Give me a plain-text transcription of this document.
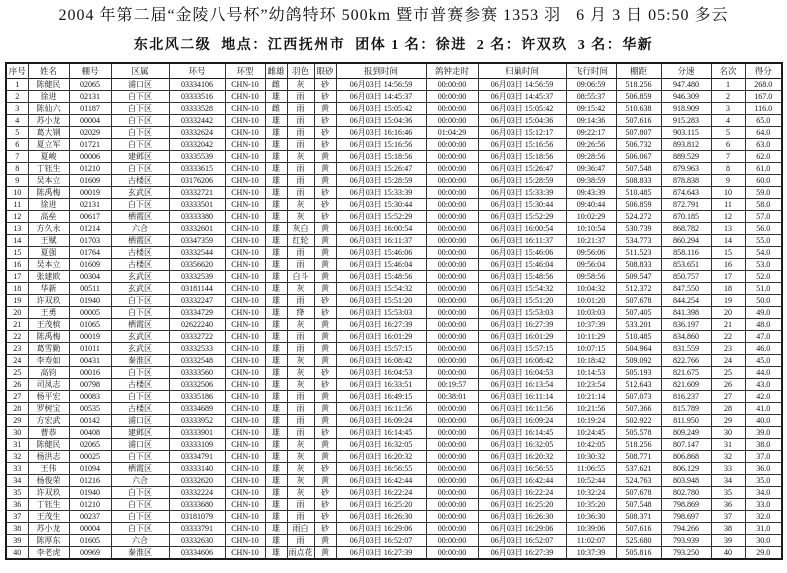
2004 年第二届“金陵八号杯”幼鸽特环 500km 暨市普赛参赛 1353 羽   6 月 3 日 05:50 多云
东北风二级  地点：江西抚州市  团体 1 名：徐进  2 名：许双玖  3 名：华新
序号	姓名	棚号	区属	环号	环型	雌雄	羽色	眼砂	报到时间	鸽钟走时	归巢时间	飞行时间	棚距	分速	名次	得分
1	陈健民	02065	浦口区	03334106	CHN-10	雌	灰	砂	06月03日 14:56:59	00:00:00	06月03日 14:56:59	09:06:59	518.256	947.480	1	268.0
2	徐进	02131	白下区	03333516	CHN-10	雄	雨	砂	06月03日 14:45:37	00:00:00	06月03日 14:45:37	08:55:37	506.859	946.309	2	167.0
3	陈仙六	01187	白下区	03333528	CHN-10	雌	雨	黄	06月03日 15:05:42	00:00:00	06月03日 15:05:42	09:15:42	510.638	918.909	3	116.0
4	苏小龙	00004	白下区	03332442	CHN-10	雄	雨	砂	06月03日 15:04:36	00:00:00	06月03日 15:04:36	09:14:36	507.616	915.283	4	65.0
5	葛大钢	02029	白下区	03332624	CHN-10	雄	雨	砂	06月03日 16:16:46	01:04:29	06月03日 15:12:17	09:22:17	507.807	903.115	5	64.0
6	夏立军	01721	白下区	03332042	CHN-10	雄	雨	砂	06月03日 15:16:56	00:00:00	06月03日 15:16:56	09:26:56	506.732	893.812	6	63.0
7	夏峻	00006	建邺区	03335539	CHN-10	雄	灰	黄	06月03日 15:18:56	00:00:00	06月03日 15:18:56	09:28:56	506.067	889.529	7	62.0
8	丁钰生	01210	白下区	03333615	CHN-10	雄	雨	黄	06月03日 15:26:47	00:00:00	06月03日 15:26:47	09:36:47	507.548	879.963	8	61.0
9	吴本立	01609	古楼区	03176206	CHN-10	雄	雨	黄	06月03日 15:28:59	00:00:00	06月03日 15:28:59	09:38:59	508.833	878.838	9	60.0
10	陈禹梅	00019	玄武区	03332721	CHN-10	雄	雨	砂	06月03日 15:33:39	00:00:00	06月03日 15:33:39	09:43:39	510.485	874.643	10	59.0
11	徐进	02131	白下区	03333501	CHN-10	雄	灰	砂	06月03日 15:30:44	00:00:00	06月03日 15:30:44	09:40:44	506.859	872.791	11	58.0
12	高垒	00617	栖霞区	03333380	CHN-10	雄	灰	砂	06月03日 15:52:29	00:00:00	06月03日 15:52:29	10:02:29	524.272	870.185	12	57.0
13	方久永	01214	六合	03332601	CHN-10	雄	灰白	黄	06月03日 16:00:54	00:00:00	06月03日 16:00:54	10:10:54	530.739	868.782	13	56.0
14	王赋	01703	栖霞区	03347359	CHN-10	雄	红轮	黄	06月03日 16:11:37	00:00:00	06月03日 16:11:37	10:21:37	534.773	860.294	14	55.0
15	夏强	01764	古楼区	03332544	CHN-10	雄	雨	黄	06月03日 15:46:06	00:00:00	06月03日 15:46:06	09:56:06	511.523	858.116	15	54.0
16	吴本立	01609	古楼区	03356620	CHN-10	雄	雨	黄	06月03日 15:46:04	00:00:00	06月03日 15:46:04	09:56:04	508.833	853.651	16	53.0
17	张建欧	00304	玄武区	03332539	CHN-10	雄	白斗	黄	06月03日 15:48:56	00:00:00	06月03日 15:48:56	09:58:56	509.547	850.757	17	52.0
18	华新	00511	玄武区	03181144	CHN-10	雄	灰	黄	06月03日 15:54:32	00:00:00	06月03日 15:54:32	10:04:32	512.372	847.550	18	51.0
19	许双玖	01940	白下区	03332247	CHN-10	雄	雨	砂	06月03日 15:51:20	00:00:00	06月03日 15:51:20	10:01:20	507.678	844.254	19	50.0
20	王勇	00005	白下区	03334729	CHN-10	雄	绛	砂	06月03日 15:53:03	00:00:00	06月03日 15:53:03	10:03:03	507.405	841.398	20	49.0
21	王茂槟	01065	栖霞区	02622240	CHN-10	雄	灰	黄	06月03日 16:27:39	00:00:00	06月03日 16:27:39	10:37:39	533.201	836.197	21	48.0
22	陈禹梅	00019	玄武区	03332722	CHN-10	雄	雨	黄	06月03日 16:01:29	00:00:00	06月03日 16:01:29	10:11:29	510.485	834.860	22	47.0
23	葛雪勤	01011	玄武区	03332533	CHN-10	雄	雨	黄	06月03日 15:57:15	00:00:00	06月03日 15:57:15	10:07:15	504.964	831.559	23	46.0
24	李寿如	00431	秦淮区	03332548	CHN-10	雄	灰	黄	06月03日 16:08:42	00:00:00	06月03日 16:08:42	10:18:42	509.092	822.766	24	45.0
25	高钧	00016	白下区	03333560	CHN-10	雄	灰	砂	06月03日 16:04:53	00:00:00	06月03日 16:04:53	10:14:53	505.193	821.675	25	44.0
26	司凤志	00798	古楼区	03332506	CHN-10	雄	灰	砂	06月03日 16:33:51	00:19:57	06月03日 16:13:54	10:23:54	512.643	821.609	26	43.0
27	杨平宏	00083	白下区	03335186	CHN-10	雄	雨	黄	06月03日 16:49:15	00:38:01	06月03日 16:11:14	10:21:14	507.073	816.237	27	42.0
28	罗树宝	00535	古楼区	03334689	CHN-10	雄	雨	黄	06月03日 16:11:56	00:00:00	06月03日 16:11:56	10:21:56	507.366	815.789	28	41.0
29	方宏武	00142	浦口区	03333952	CHN-10	雄	雨	黄	06月03日 16:09:24	00:00:00	06月03日 16:09:24	10:19:24	502.922	811.950	29	40.0
30	曹恭	00408	建邺区	03333901	CHN-10	雄	雨	砂	06月03日 16:14:45	00:00:00	06月03日 16:14:45	10:24:45	505.578	809.249	30	39.0
31	陈健民	02065	浦口区	03333109	CHN-10	雄	灰	黄	06月03日 16:32:05	00:00:00	06月03日 16:32:05	10:42:05	518.256	807.147	31	38.0
32	杨洪志	00025	白下区	03334791	CHN-10	雄	灰	黄	06月03日 16:20:32	00:00:00	06月03日 16:20:32	10:30:32	508.771	806.868	32	37.0
33	王伟	01094	栖霞区	03333140	CHN-10	雄	灰	砂	06月03日 16:56:55	00:00:00	06月03日 16:56:55	11:06:55	537.621	806.129	33	36.0
34	杨俊荣	01216	六合	03332620	CHN-10	雄	灰	黄	06月03日 16:42:44	00:00:00	06月03日 16:42:44	10:52:44	524.763	803.948	34	35.0
35	许双玖	01940	白下区	03332224	CHN-10	雄	灰	砂	06月03日 16:22:24	00:00:00	06月03日 16:22:24	10:32:24	507.678	802.780	35	34.0
36	丁钰生	01210	白下区	03333680	CHN-10	雄	雨	砂	06月03日 16:25:20	00:00:00	06月03日 16:25:20	10:35:20	507.548	798.869	36	33.0
37	王茂生	00237	白下区	03181079	CHN-10	雄	雨	砂	06月03日 16:26:30	00:00:00	06月03日 16:26:30	10:36:30	508.371	798.697	37	32.0
38	苏小龙	00004	白下区	03333791	CHN-10	雄	雨白	砂	06月03日 16:29:06	00:00:00	06月03日 16:29:06	10:39:06	507.616	794.266	38	31.0
39	陈厚东	01605	六合	03332630	CHN-10	雄	雨	黄	06月03日 16:52:07	00:00:00	06月03日 16:52:07	11:02:07	525.680	793.939	39	30.0
40	李老虎	00969	秦淮区	03334606	CHN-10	雄	雨点花	黄	06月03日 16:27:39	00:00:00	06月03日 16:27:39	10:37:39	505.816	793.250	40	29.0
